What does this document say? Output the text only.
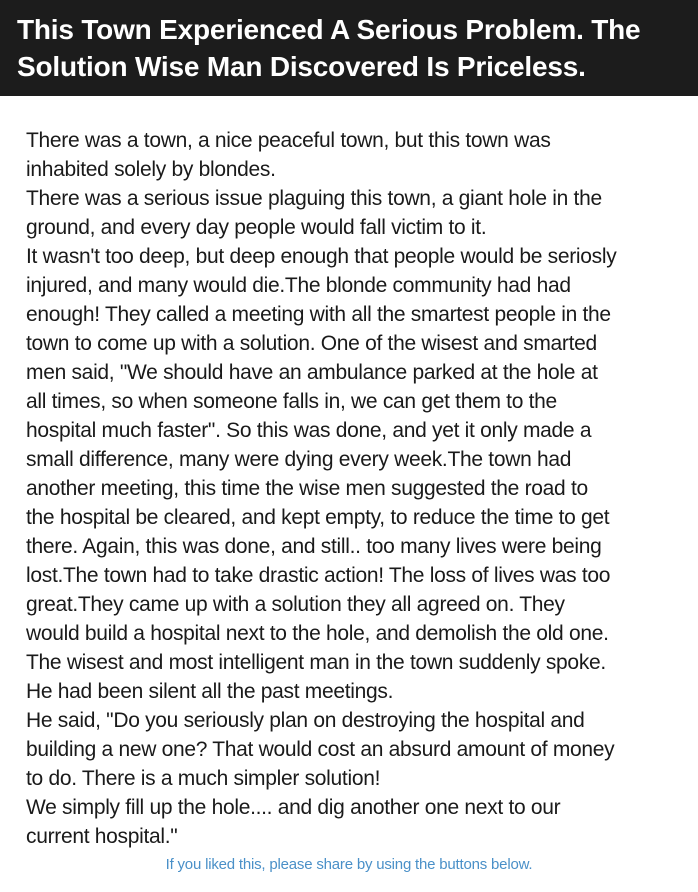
This Town Experienced A Serious Problem. The
Solution Wise Man Discovered Is Priceless.

There was a town, a nice peaceful town, but this town was

inhabited solely by blondes.

There was a serious issue plaguing this town, a giant hole in the

ground, and every day people would fall victim to it.

It wasn't too deep, but deep enough that people would be seriosly

injured, and many would die.The blonde community had had

enough! They called a meeting with all the smartest people in the

town to come up with a solution. One of the wisest and smarted

men said, "We should have an ambulance parked at the hole at

all times, so when someone falls in, we can get them to the

hospital much faster". So this was done, and yet it only made a

small difference, many were dying every week.The town had

another meeting, this time the wise men suggested the road to

the hospital be cleared, and kept empty, to reduce the time to get

there. Again, this was done, and still.. too many lives were being

lost.The town had to take drastic action! The loss of lives was too

great.They came up with a solution they all agreed on. They

would build a hospital next to the hole, and demolish the old one.

The wisest and most intelligent man in the town suddenly spoke.

He had been silent all the past meetings.

He said, "Do you seriously plan on destroying the hospital and

building a new one? That would cost an absurd amount of money

to do. There is a much simpler solution!

We simply fill up the hole.... and dig another one next to our

current hospital."

If you liked this, please share by using the buttons below.
